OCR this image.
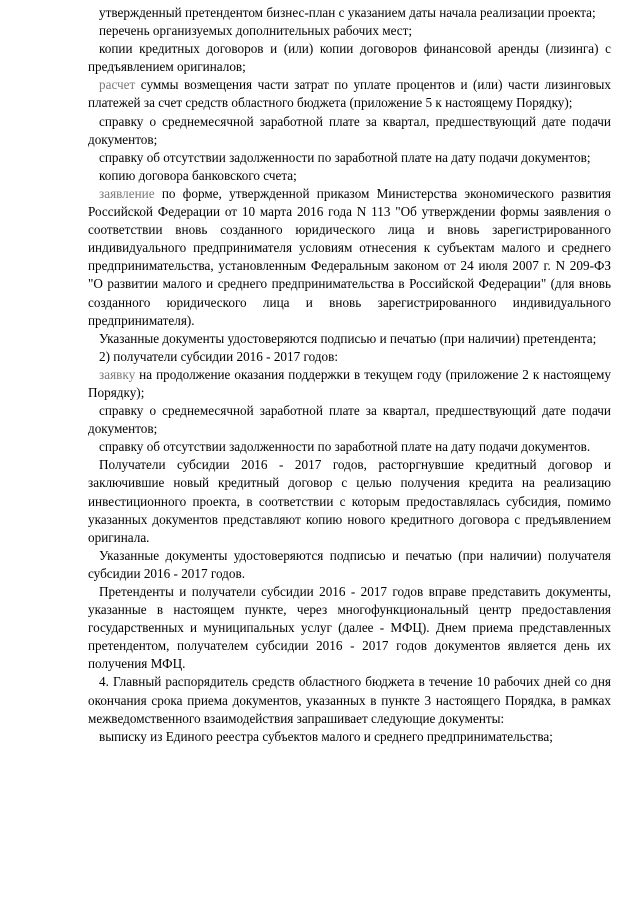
утвержденный претендентом бизнес-план с указанием даты начала реализации проекта;

перечень организуемых дополнительных рабочих мест;

копии кредитных договоров и (или) копии договоров финансовой аренды (лизинга) с предъявлением оригиналов;

расчет суммы возмещения части затрат по уплате процентов и (или) части лизинговых платежей за счет средств областного бюджета (приложение 5 к настоящему Порядку);

справку о среднемесячной заработной плате за квартал, предшествующий дате подачи документов;

справку об отсутствии задолженности по заработной плате на дату подачи документов;

копию договора банковского счета;

заявление по форме, утвержденной приказом Министерства экономического развития Российской Федерации от 10 марта 2016 года N 113 "Об утверждении формы заявления о соответствии вновь созданного юридического лица и вновь зарегистрированного индивидуального предпринимателя условиям отнесения к субъектам малого и среднего предпринимательства, установленным Федеральным законом от 24 июля 2007 г. N 209-ФЗ "О развитии малого и среднего предпринимательства в Российской Федерации" (для вновь созданного юридического лица и вновь зарегистрированного индивидуального предпринимателя).

Указанные документы удостоверяются подписью и печатью (при наличии) претендента;

2) получатели субсидии 2016 - 2017 годов:

заявку на продолжение оказания поддержки в текущем году (приложение 2 к настоящему Порядку);

справку о среднемесячной заработной плате за квартал, предшествующий дате подачи документов;

справку об отсутствии задолженности по заработной плате на дату подачи документов.

Получатели субсидии 2016 - 2017 годов, расторгнувшие кредитный договор и заключившие новый кредитный договор с целью получения кредита на реализацию инвестиционного проекта, в соответствии с которым предоставлялась субсидия, помимо указанных документов представляют копию нового кредитного договора с предъявлением оригинала.

Указанные документы удостоверяются подписью и печатью (при наличии) получателя субсидии 2016 - 2017 годов.

Претенденты и получатели субсидии 2016 - 2017 годов вправе представить документы, указанные в настоящем пункте, через многофункциональный центр предоставления государственных и муниципальных услуг (далее - МФЦ). Днем приема представленных претендентом, получателем субсидии 2016 - 2017 годов документов является день их получения МФЦ.

4. Главный распорядитель средств областного бюджета в течение 10 рабочих дней со дня окончания срока приема документов, указанных в пункте 3 настоящего Порядка, в рамках межведомственного взаимодействия запрашивает следующие документы:

выписку из Единого реестра субъектов малого и среднего предпринимательства;
